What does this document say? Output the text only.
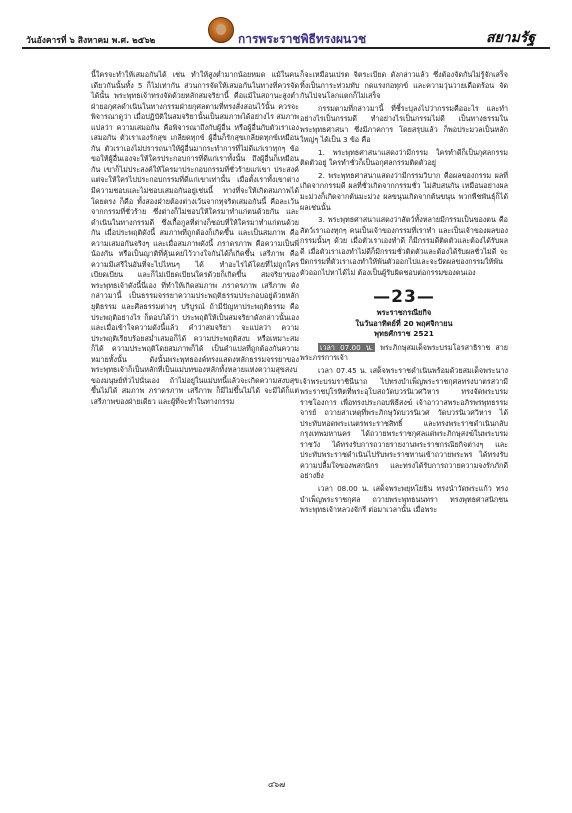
วันอังคารที่ ๖ สิงหาคม พ.ศ. ๒๕๖๒	การพระราชพิธีทรงผนวช	สยามรัฐ

นี้ใครจะทำให้เสมอกันได้ เช่น ทำให้สูงต่ำมากน้อยหมด แม้ในคนเดียวกันนั้นทั้ง 5 ก็ไม่เท่ากัน ส่วนการจัดให้เสมอกันในทางที่ควรจัดได้นั้น พระพุทธเจ้าทรงจัดด้วยหลักสมจริยานี้ คือแม้ในสถานะสูงต่ำ ฝ่ายอกุศลดำเนินในทางกรรมฝ่ายกุศลตามที่ทรงสั่งสอนไว้นั้น ควรจะพิจารณาดูว่า เมื่อปฏิบัติในสมจริยานั้นเป็นสมภาพได้อย่างไร สมภาพ แปลว่า ความเสมอกัน คือพิจารณาถึงกับผู้อื่น หรือผู้อื่นกับตัวเราเองเสมอกัน ตัวเราเองรักสุข เกลียดทุกข์ ผู้อื่นก็รักสุขเกลียดทุกข์เหมือนกัน ตัวเราเองไม่ปรารถนาให้ผู้อื่นมากระทำการที่ไม่ดีแก่เราทุกๆ ข้อ ขอให้ผู้อื่นเองจะให้ใครประกอบการที่ดีแก่เราทั้งนั้น ถึงผู้อื่นก็เหมือนกัน เขาก็ไม่ประสงค์ให้ใครมาประกอบกรรมที่ชั่วร้ายแก่เขา ประสงค์แต่จะให้ใครไปประกอบกรรมที่ดีแก่เขาเท่านั้น เมื่อตั้งเราทั้งเขาต่างมีความชอบและไม่ชอบเสมอกันอยู่เช่นนี้ ทางที่จะให้เกิดสมภาพได้โดยตรง ก็คือ ทั้งสองฝ่ายต้องต่างเว้นจากทุจริตเสมอกันนี้ คือละเว้นจากกรรมที่ชั่วร้าย ซึ่งต่างก็ไม่ชอบให้ใครมาทำแก่ตนด้วยกัน และดำเนินในทางกรรมดี ซึ่งเกื้อกูลที่ต่างก็ชอบที่ให้ใครมาทำแก่ตนด้วยกัน เมื่อประพฤติดังนี้ สมภาพที่ถูกต้องก็เกิดขึ้น และเป็นสมภาพ คือความเสมอกันจริงๆ และเมื่อสมภาพดังนี้ ภราดรภาพ คือความเป็นพี่น้องกัน หรือเป็นญาติที่คุ้นเคยไว้วางใจกันได้ก็เกิดขึ้น เสรีภาพ คือความมีเสรีในอันที่จะไปไหนๆ ได้ ทำอะไรได้โดยที่ไม่ถูกใครเบียดเบียน และก็ไม่เบียดเบียนใครด้วยก็เกิดขึ้น สมจริยาของพระพุทธเจ้าดังนี้นี่เอง ที่ทำให้เกิดสมภาพ ภราดรภาพ เสรีภาพ ดังกล่าวมานี้ เป็นธรรมจรรยาความประพฤติธรรมประกอบอยู่ด้วยหลักยุติธรรม และศีลธรรมต่างๆ บริบูรณ์ ถ้ามีปัญหาประพฤติธรรม คือประพฤติอย่างไร ก็ตอบได้ว่า ประพฤติให้เป็นสมจริยาดังกล่าวนั้นเอง และเมื่อเข้าใจความดังนี้แล้ว คำว่าสมจริยา จะแปลว่า ความประพฤติเรียบร้อยสม่ำเสมอก็ได้ ความประพฤติสงบ หรือเหมาะสมก็ได้ ความประพฤติโดยสมภาพก็ได้ เป็นคำแปลที่ถูกต้องกันความหมายทั้งนั้น ดังนั้นพระพุทธองค์ทรงแสดงหลักธรรมจรรยาของพระพุทธเจ้าก็เป็นหลักที่เป็นแม่บทของหลักทั้งหลายแห่งความสุขสงบของมนุษย์ทั่วไปนั่นเอง ถ้าไม่อยู่ในแม่บทนี้แล้วจะเกิดความสงบสุขขึ้นไม่ได้ สมภาพ ภราดรภาพ เสรีภาพ ก็มีไม่ขึ้นไม่ได้ จะมีได้ก็แต่เสรีภาพของฝ่ายเดียว และผู้ที่จะทำในทางกรรม

ก็จะเหมือนเปรต จิตระเบียด ดังกล่าวแล้ว ซึ่งต้องจัดกันไม่รู้จักเสร็จ ทิ้งเป็นภาระท่วมทับ กดแรงก่อทุกข์ และความวุ่นวายเดือดร้อน จัดกันไปจนโลกแตกก็ไม่เสร็จ

กรรมตามที่กล่าวมานี้ ที่ชี้ระบุลงไปว่ากรรมคืออะไร และทำอย่างไรเป็นกรรมดี ทำอย่างไรเป็นกรรมไม่ดี เป็นทางธรรมในพระพุทธศาสนา ซึ่งมีภาคการ โดยสรุปแล้ว ก็พอประมวลเป็นหลักใหญ่ๆ ได้เป็น 3 ข้อ คือ

1. พระพุทธศาสนาแสดงว่ามีกรรม ใครทำดีก็เป็นกุศลกรรมติดตัวอยู่ ใครทำชั่วก็เป็นอกุศลกรรมติดตัวอยู่

2. พระพุทธศาสนาแสดงว่ามีกรรมวิบาก คือผลของกรรม ผลที่เกิดจากกรรมดี ผลที่ชั่วเกิดจากกรรมชั่ว ไม่สับสนกัน เหมือนอย่างผลมะม่วงก็เกิดจากต้นมะม่วง ผลขนุนเกิดจากต้นขนุน พวกพืชพันธุ์ก็ได้ผลเช่นนั้น

3. พระพุทธศาสนาแสดงว่าสัตว์ทั้งหลายมีกรรมเป็นของตน คือสัตว์เราเองทุกๆ คนเป็นเจ้าของกรรมที่เราทำ และเป็นเจ้าของผลของกรรมนั้นๆ ด้วย เมื่อตัวเราเองทำดี ก็มีกรรมดีติดตัวและต้องได้รับผลดี เมื่อตัวเราเองทำไม่ดีก็มีกรรมชั่วติดตัวและต้องได้รับผลชั่วไม่ดี จะปัดกรรมที่ตัวเราเองทำให้พ้นตัวออกไปและจะปัดผลของกรรมให้พ้นตัวออกไปหาได้ไม่ ต้องเป็นผู้รับผิดชอบต่อกรรมของตนเอง

—23—
พระราชกรณียกิจ
ในวันอาทิตย์ที่ 20 พฤศจิกายน
พุทธศักราช 2521

เวลา 07.00 น. พระภิกษุสมเด็จพระบรมโอรสาธิราช สายพระภรรการเจ้า

เวลา 07.45 น. เสด็จพระราชดำเนินพร้อมด้วยสมเด็จพระนางเจ้าพระบรมราชินีนาถ ไปทรงบำเพ็ญพระราชกุศลทรงบาตรสวามีพระราชปุโรหิตที่พระอุโบสถวัดบวรนิเวศวิหาร ทรงจัดพระบรมราชโองการ เพื่อทรงประกอบพิธีสงฆ์ เจ้าอาวาสพระอภิรพรพุทธรรมจารย์ ถวายสาเหตุที่พระภิกษุวัดบวรนิเวศ วัดบวรนิเวศวิหาร ได้ประทับทอดพระเนตรพระราชสิทธิ์ และทรงพระราชดำเนินกลับ กรุงเทพมหานคร ได้ถวายพระราชกุศลแด่พระภิกษุสงฆ์ในพระบรมราชวัง ได้ทรงรับการถวายรายงานพระราชกรณียกิจต่างๆ และประทับพระราชดำเนินไปรับพระราชทานเข้าถวายพระพร ได้ทรงรับความปลื้มใจของพสกนิกร และทรงได้รับการถวายความจงรักภักดีอย่างยิ่ง

เวลา 08.00 น. เสด็จพระพยุหโยธิน ทรงนำวัดพระแก้ว ทรงบำเพ็ญพระราชกุศล ถวายพระพุทธนนทรา ทรงพุทธศาสนิกชนพระพุทธเจ้าหลวงจักรี ต่อมาเวลานั้น เมื่อพระ

๔๖๗
